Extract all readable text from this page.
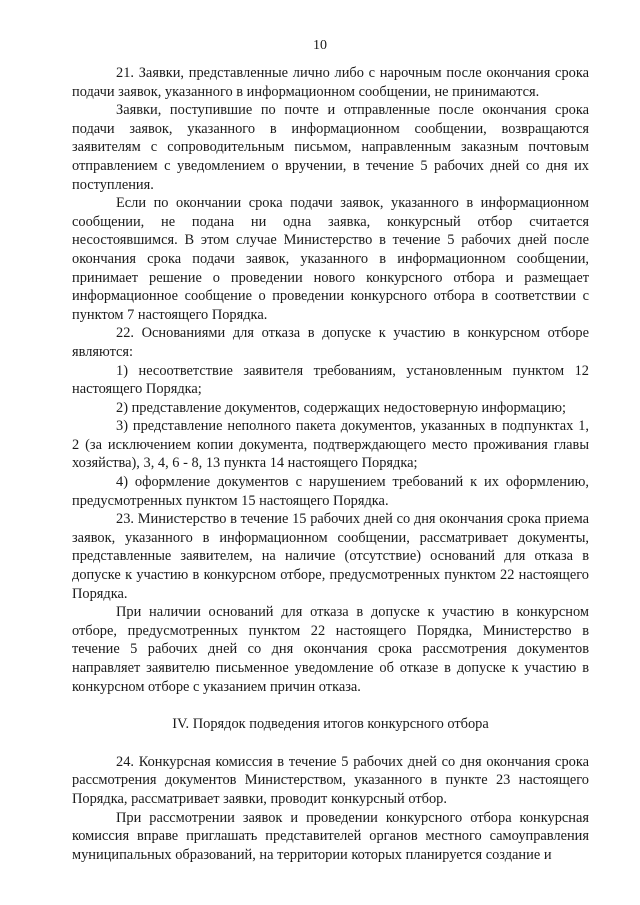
10

21. Заявки, представленные лично либо с нарочным после окончания срока подачи заявок, указанного в информационном сообщении, не принимаются.

Заявки, поступившие по почте и отправленные после окончания срока подачи заявок, указанного в информационном сообщении, возвращаются заявителям с сопроводительным письмом, направленным заказным почтовым отправлением с уведомлением о вручении, в течение 5 рабочих дней со дня их поступления.

Если по окончании срока подачи заявок, указанного в информационном сообщении, не подана ни одна заявка, конкурсный отбор считается несостоявшимся. В этом случае Министерство в течение 5 рабочих дней после окончания срока подачи заявок, указанного в информационном сообщении, принимает решение о проведении нового конкурсного отбора и размещает информационное сообщение о проведении конкурсного отбора в соответствии с пунктом 7 настоящего Порядка.

22. Основаниями для отказа в допуске к участию в конкурсном отборе являются:

1) несоответствие заявителя требованиям, установленным пунктом 12 настоящего Порядка;

2) представление документов, содержащих недостоверную информацию;

3) представление неполного пакета документов, указанных в подпунктах 1, 2 (за исключением копии документа, подтверждающего место проживания главы хозяйства), 3, 4, 6 - 8, 13 пункта 14 настоящего Порядка;

4) оформление документов с нарушением требований к их оформлению, предусмотренных пунктом 15 настоящего Порядка.

23. Министерство в течение 15 рабочих дней со дня окончания срока приема заявок, указанного в информационном сообщении, рассматривает документы, представленные заявителем, на наличие (отсутствие) оснований для отказа в допуске к участию в конкурсном отборе, предусмотренных пунктом 22 настоящего Порядка.

При наличии оснований для отказа в допуске к участию в конкурсном отборе, предусмотренных пунктом 22 настоящего Порядка, Министерство в течение 5 рабочих дней со дня окончания срока рассмотрения документов направляет заявителю письменное уведомление об отказе в допуске к участию в конкурсном отборе с указанием причин отказа.

IV. Порядок подведения итогов конкурсного отбора

24. Конкурсная комиссия в течение 5 рабочих дней со дня окончания срока рассмотрения документов Министерством, указанного в пункте 23 настоящего Порядка, рассматривает заявки, проводит конкурсный отбор.

При рассмотрении заявок и проведении конкурсного отбора конкурсная комиссия вправе приглашать представителей органов местного самоуправления муниципальных образований, на территории которых планируется создание и
